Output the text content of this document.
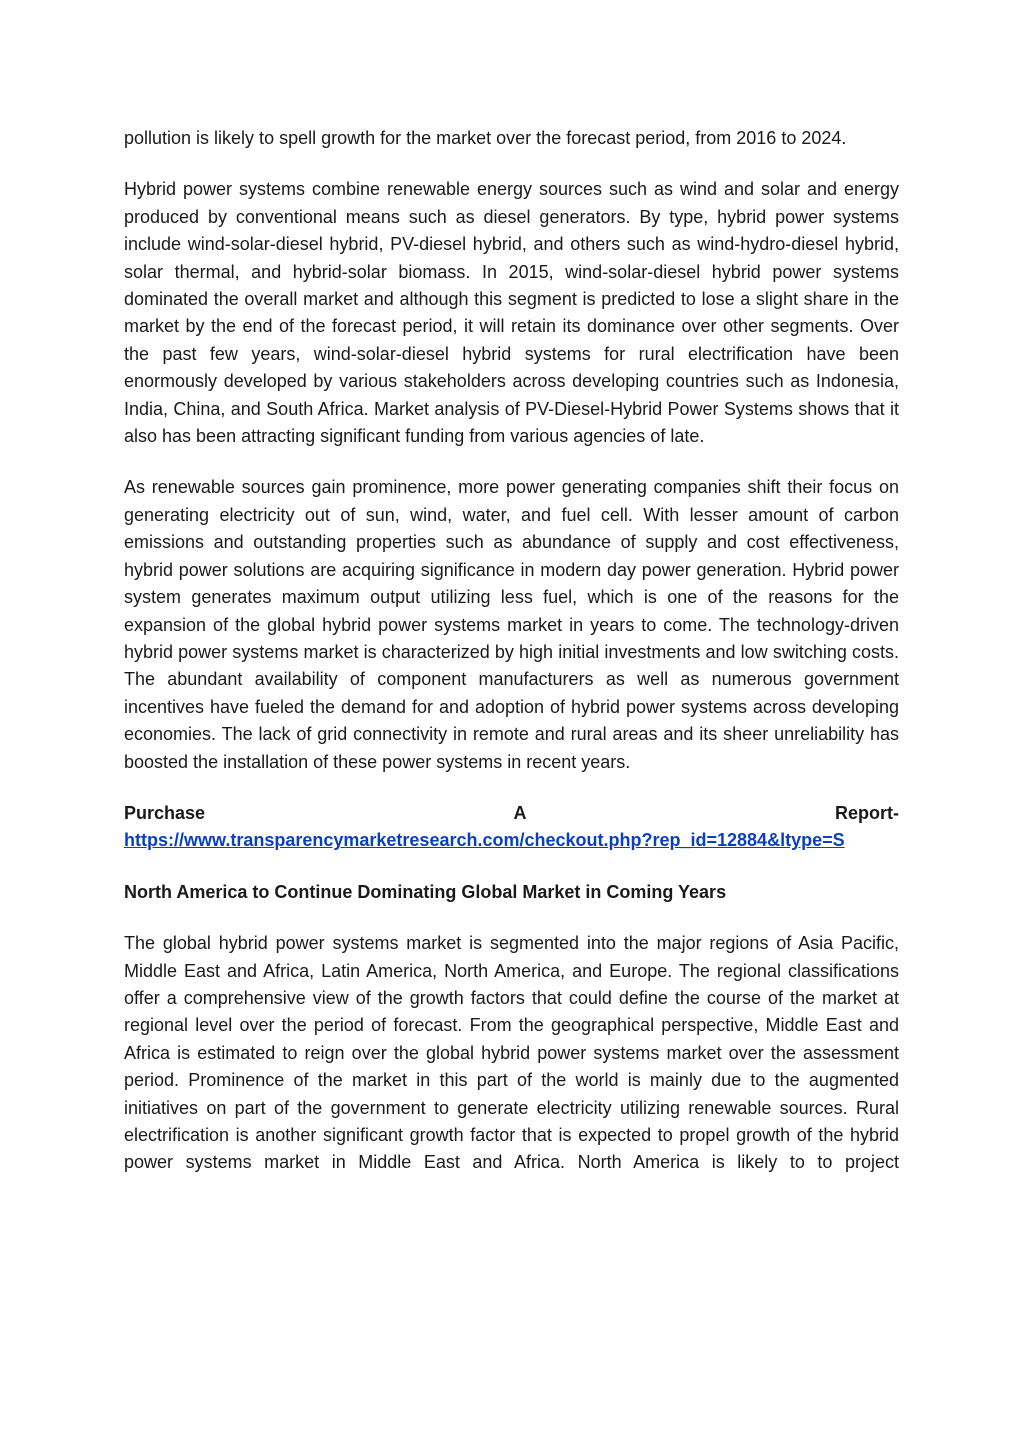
pollution is likely to spell growth for the market over the forecast period, from 2016 to 2024.

Hybrid power systems combine renewable energy sources such as wind and solar and energy produced by conventional means such as diesel generators. By type, hybrid power systems include wind-solar-diesel hybrid, PV-diesel hybrid, and others such as wind-hydro-diesel hybrid, solar thermal, and hybrid-solar biomass. In 2015, wind-solar-diesel hybrid power systems dominated the overall market and although this segment is predicted to lose a slight share in the market by the end of the forecast period, it will retain its dominance over other segments. Over the past few years, wind-solar-diesel hybrid systems for rural electrification have been enormously developed by various stakeholders across developing countries such as Indonesia, India, China, and South Africa. Market analysis of PV-Diesel-Hybrid Power Systems shows that it also has been attracting significant funding from various agencies of late.

As renewable sources gain prominence, more power generating companies shift their focus on generating electricity out of sun, wind, water, and fuel cell. With lesser amount of carbon emissions and outstanding properties such as abundance of supply and cost effectiveness, hybrid power solutions are acquiring significance in modern day power generation. Hybrid power system generates maximum output utilizing less fuel, which is one of the reasons for the expansion of the global hybrid power systems market in years to come. The technology-driven hybrid power systems market is characterized by high initial investments and low switching costs. The abundant availability of component manufacturers as well as numerous government incentives have fueled the demand for and adoption of hybrid power systems across developing economies. The lack of grid connectivity in remote and rural areas and its sheer unreliability has boosted the installation of these power systems in recent years.

Purchase A Report-
https://www.transparencymarketresearch.com/checkout.php?rep_id=12884&ltype=S
North America to Continue Dominating Global Market in Coming Years

The global hybrid power systems market is segmented into the major regions of Asia Pacific, Middle East and Africa, Latin America, North America, and Europe. The regional classifications offer a comprehensive view of the growth factors that could define the course of the market at regional level over the period of forecast. From the geographical perspective, Middle East and Africa is estimated to reign over the global hybrid power systems market over the assessment period. Prominence of the market in this part of the world is mainly due to the augmented initiatives on part of the government to generate electricity utilizing renewable sources. Rural electrification is another significant growth factor that is expected to propel growth of the hybrid power systems market in Middle East and Africa. North America is likely to to project
